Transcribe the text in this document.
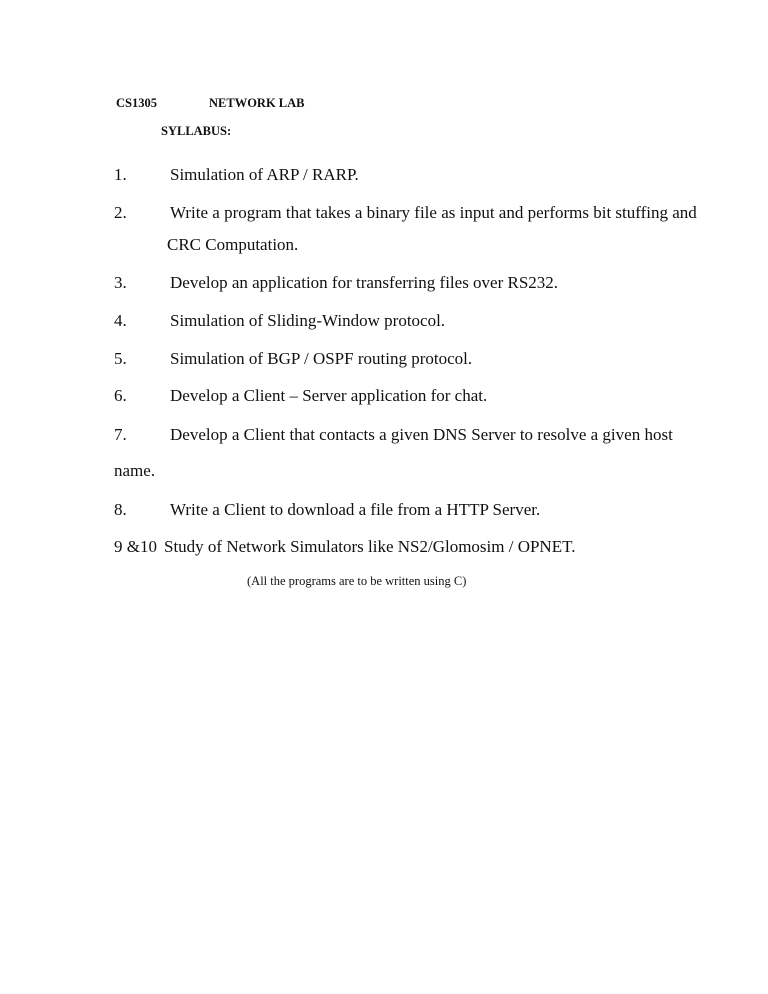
CS1305	NETWORK LAB
SYLLABUS:
1.	Simulation of ARP / RARP.
2.	Write a program that takes a binary file as input and performs bit stuffing and
CRC Computation.
3.	Develop an application for transferring files over RS232.
4.	Simulation of Sliding-Window protocol.
5.	Simulation of BGP / OSPF routing protocol.
6.	Develop a Client – Server application for chat.
7.	Develop a Client that contacts a given DNS Server to resolve a given host
name.
8.	Write a Client to download a file from a HTTP Server.
9 &10 Study of Network Simulators like NS2/Glomosim / OPNET.
(All the programs are to be written using C)
